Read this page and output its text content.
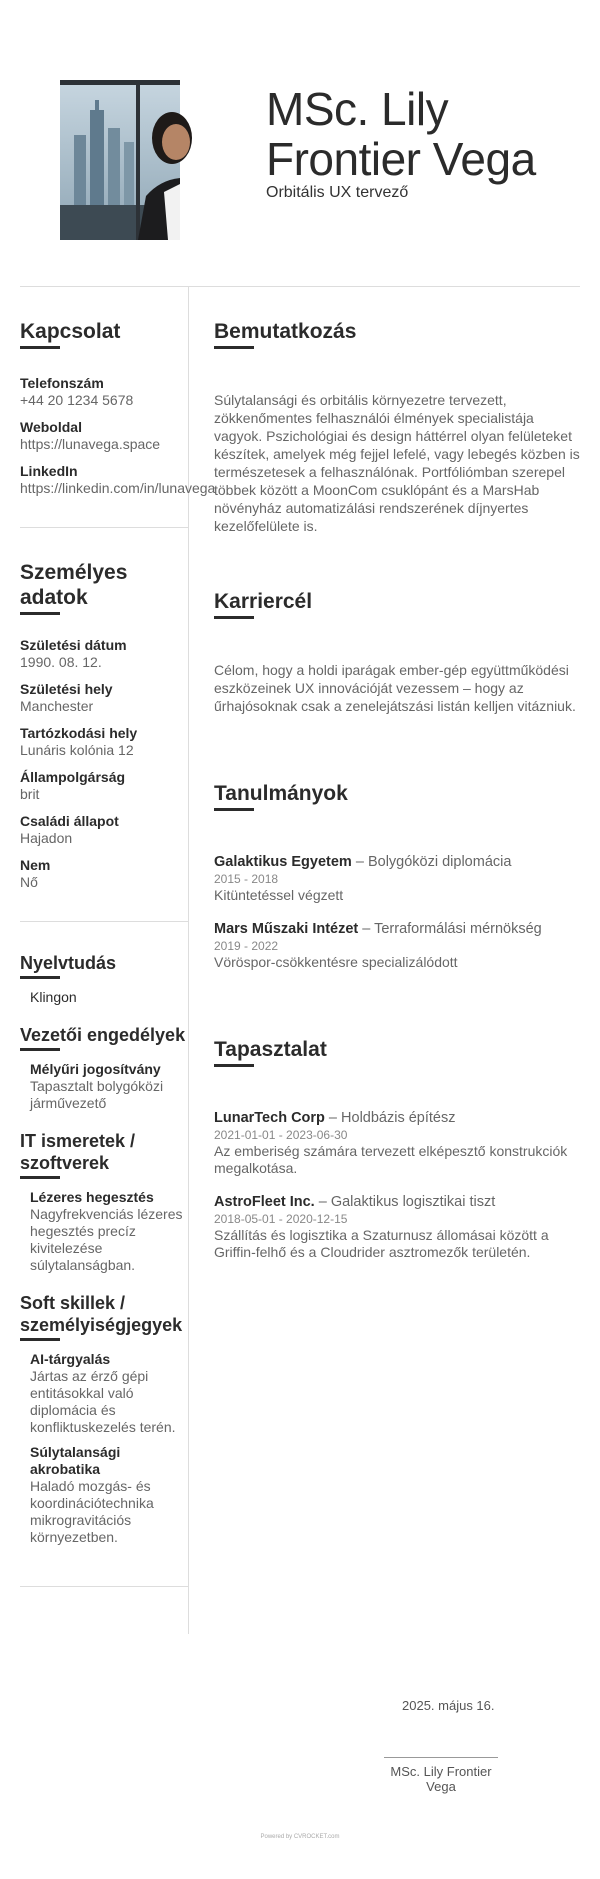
MSc. Lily Frontier Vega
Orbitális UX tervező
Kapcsolat
Telefonszám
+44 20 1234 5678
Weboldal
https://lunavega.space
LinkedIn
https://linkedin.com/in/lunavega
Személyes adatok
Születési dátum
1990. 08. 12.
Születési hely
Manchester
Tartózkodási hely
Lunáris kolónia 12
Állampolgárság
brit
Családi állapot
Hajadon
Nem
Nő
Nyelvtudás
Klingon
Vezetői engedélyek
Mélyűri jogosítvány
Tapasztalt bolygóközi járművezető
IT ismeretek / szoftverek
Lézeres hegesztés
Nagyfrekvenciás lézeres hegesztés precíz kivitelezése súlytalanságban.
Soft skillek / személyiségjegyek
AI-tárgyalás
Jártas az érző gépi entitásokkal való diplomácia és konfliktuskezelés terén.
Súlytalansági akrobatika
Haladó mozgás- és koordinációtechnika mikrogravitációs környezetben.
Bemutatkozás
Súlytalansági és orbitális környezetre tervezett, zökkenőmentes felhasználói élmények specialistája vagyok. Pszichológiai és design háttérrel olyan felületeket készítek, amelyek még fejjel lefelé, vagy lebegés közben is természetesek a felhasználónak. Portfóliómban szerepel többek között a MoonCom csuklópánt és a MarsHab növényház automatizálási rendszerének díjnyertes kezelőfelülete is.
Karriercél
Célom, hogy a holdi iparágak ember-gép együttműködési eszközeinek UX innovációját vezessem – hogy az űrhajósoknak csak a zenelejátszási listán kelljen vitázniuk.
Tanulmányok
Galaktikus Egyetem – Bolygóközi diplomácia
2015 - 2018
Kitüntetéssel végzett
Mars Műszaki Intézet – Terraformálási mérnökség
2019 - 2022
Vöröspor-csökkentésre specializálódott
Tapasztalat
LunarTech Corp – Holdbázis építész
2021-01-01 - 2023-06-30
Az emberiség számára tervezett elképesztő konstrukciók megalkotása.
AstroFleet Inc. – Galaktikus logisztikai tiszt
2018-05-01 - 2020-12-15
Szállítás és logisztika a Szaturnusz állomásai között a Griffin-felhő és a Cloudrider asztromezők területén.
2025. május 16.
MSc. Lily Frontier Vega
Powered by CVROCKET.com
